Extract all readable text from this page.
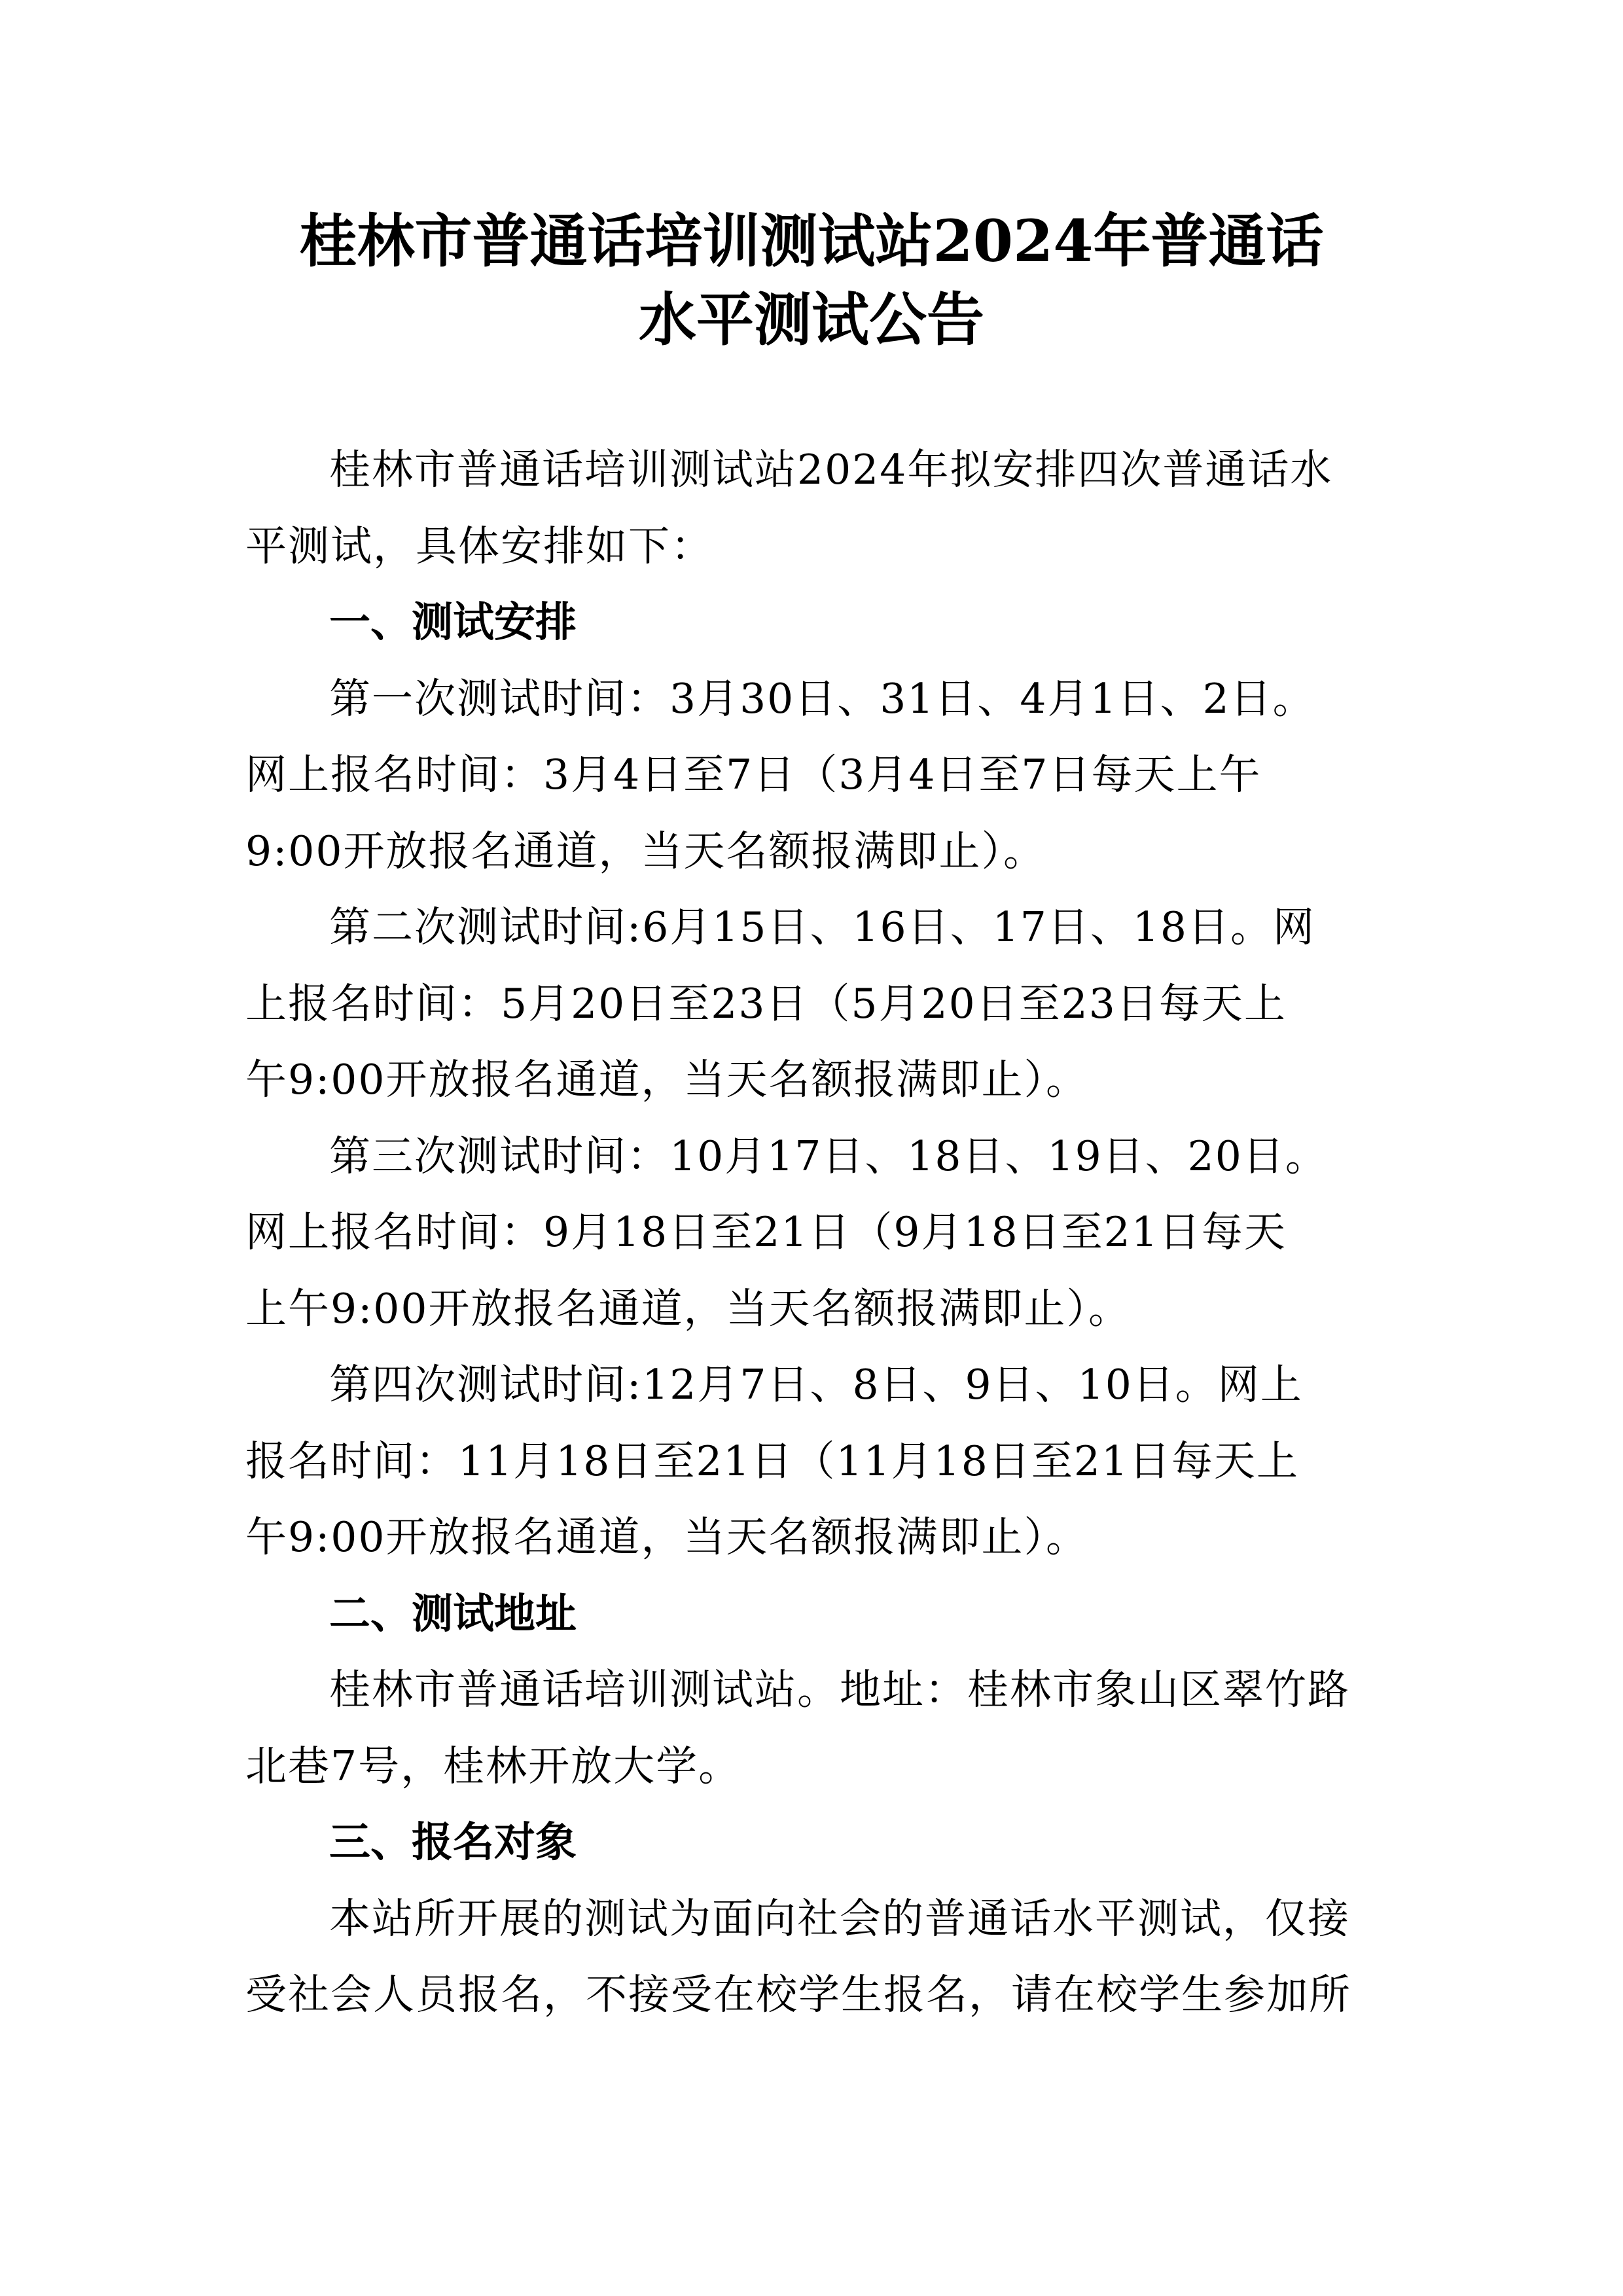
桂林市普通话培训测试站2024年普通话
水平测试公告
桂林市普通话培训测试站2024年拟安排四次普通话水
平测试，具体安排如下：
一、测试安排
第一次测试时间：3月30日、31日、4月1日、2日。
网上报名时间：3月4日至7日（3月4日至7日每天上午
9:00开放报名通道，当天名额报满即止）。
第二次测试时间:6月15日、16日、17日、18日。网
上报名时间：5月20日至23日（5月20日至23日每天上
午9:00开放报名通道，当天名额报满即止）。
第三次测试时间：10月17日、18日、19日、20日。
网上报名时间：9月18日至21日（9月18日至21日每天
上午9:00开放报名通道，当天名额报满即止）。
第四次测试时间:12月7日、8日、9日、10日。网上
报名时间：11月18日至21日（11月18日至21日每天上
午9:00开放报名通道，当天名额报满即止）。
二、测试地址
桂林市普通话培训测试站。地址：桂林市象山区翠竹路
北巷7号，桂林开放大学。
三、报名对象
本站所开展的测试为面向社会的普通话水平测试，仅接
受社会人员报名，不接受在校学生报名，请在校学生参加所
